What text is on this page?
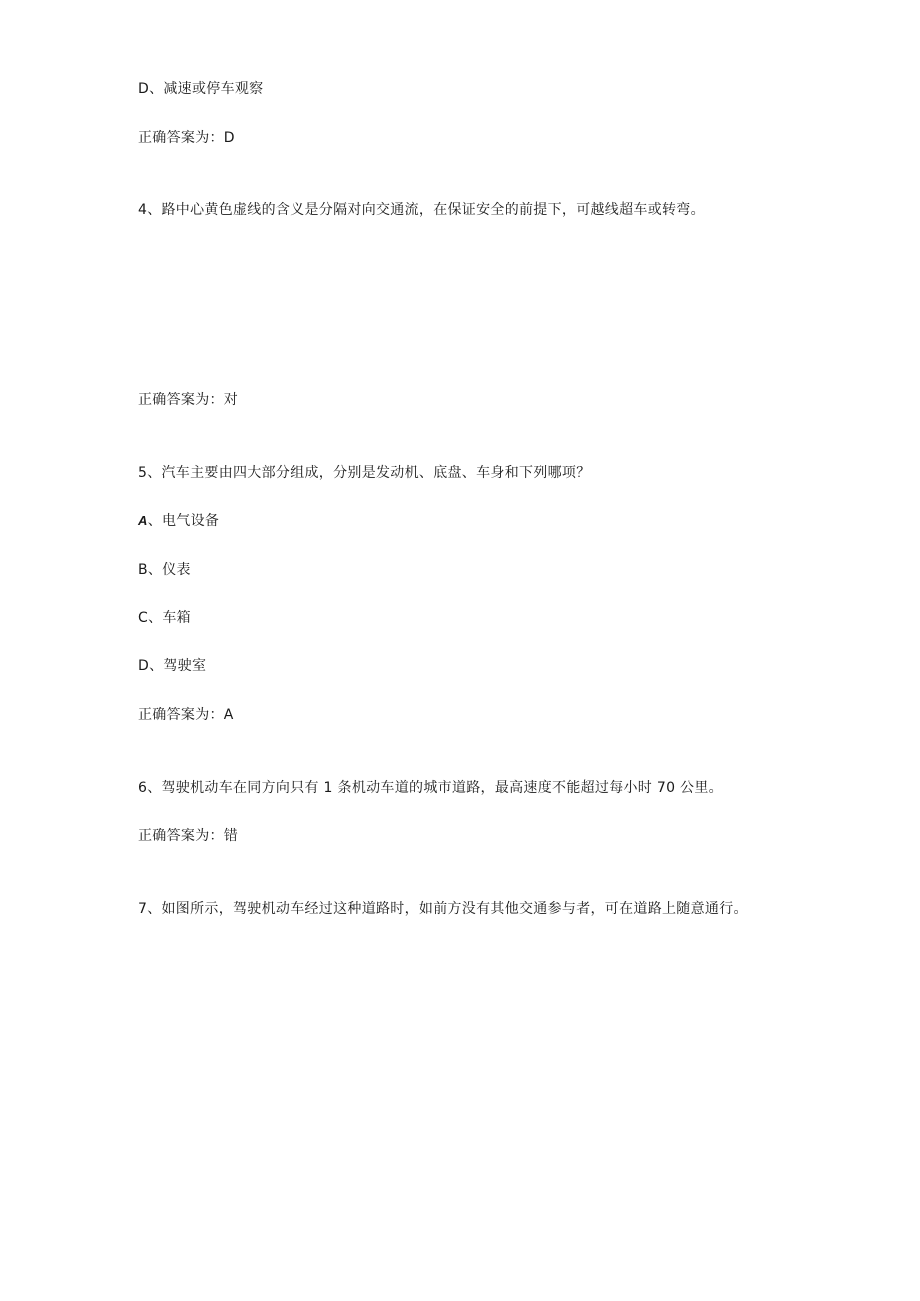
D、减速或停车观察
正确答案为：D
4、路中心黄色虚线的含义是分隔对向交通流，在保证安全的前提下，可越线超车或转弯。
正确答案为：对
5、汽车主要由四大部分组成，分别是发动机、底盘、车身和下列哪项？
A、电气设备
B、仪表
C、车箱
D、驾驶室
正确答案为：A
6、驾驶机动车在同方向只有 1 条机动车道的城市道路，最高速度不能超过每小时 70 公里。
正确答案为：错
7、如图所示，驾驶机动车经过这种道路时，如前方没有其他交通参与者，可在道路上随意通行。
